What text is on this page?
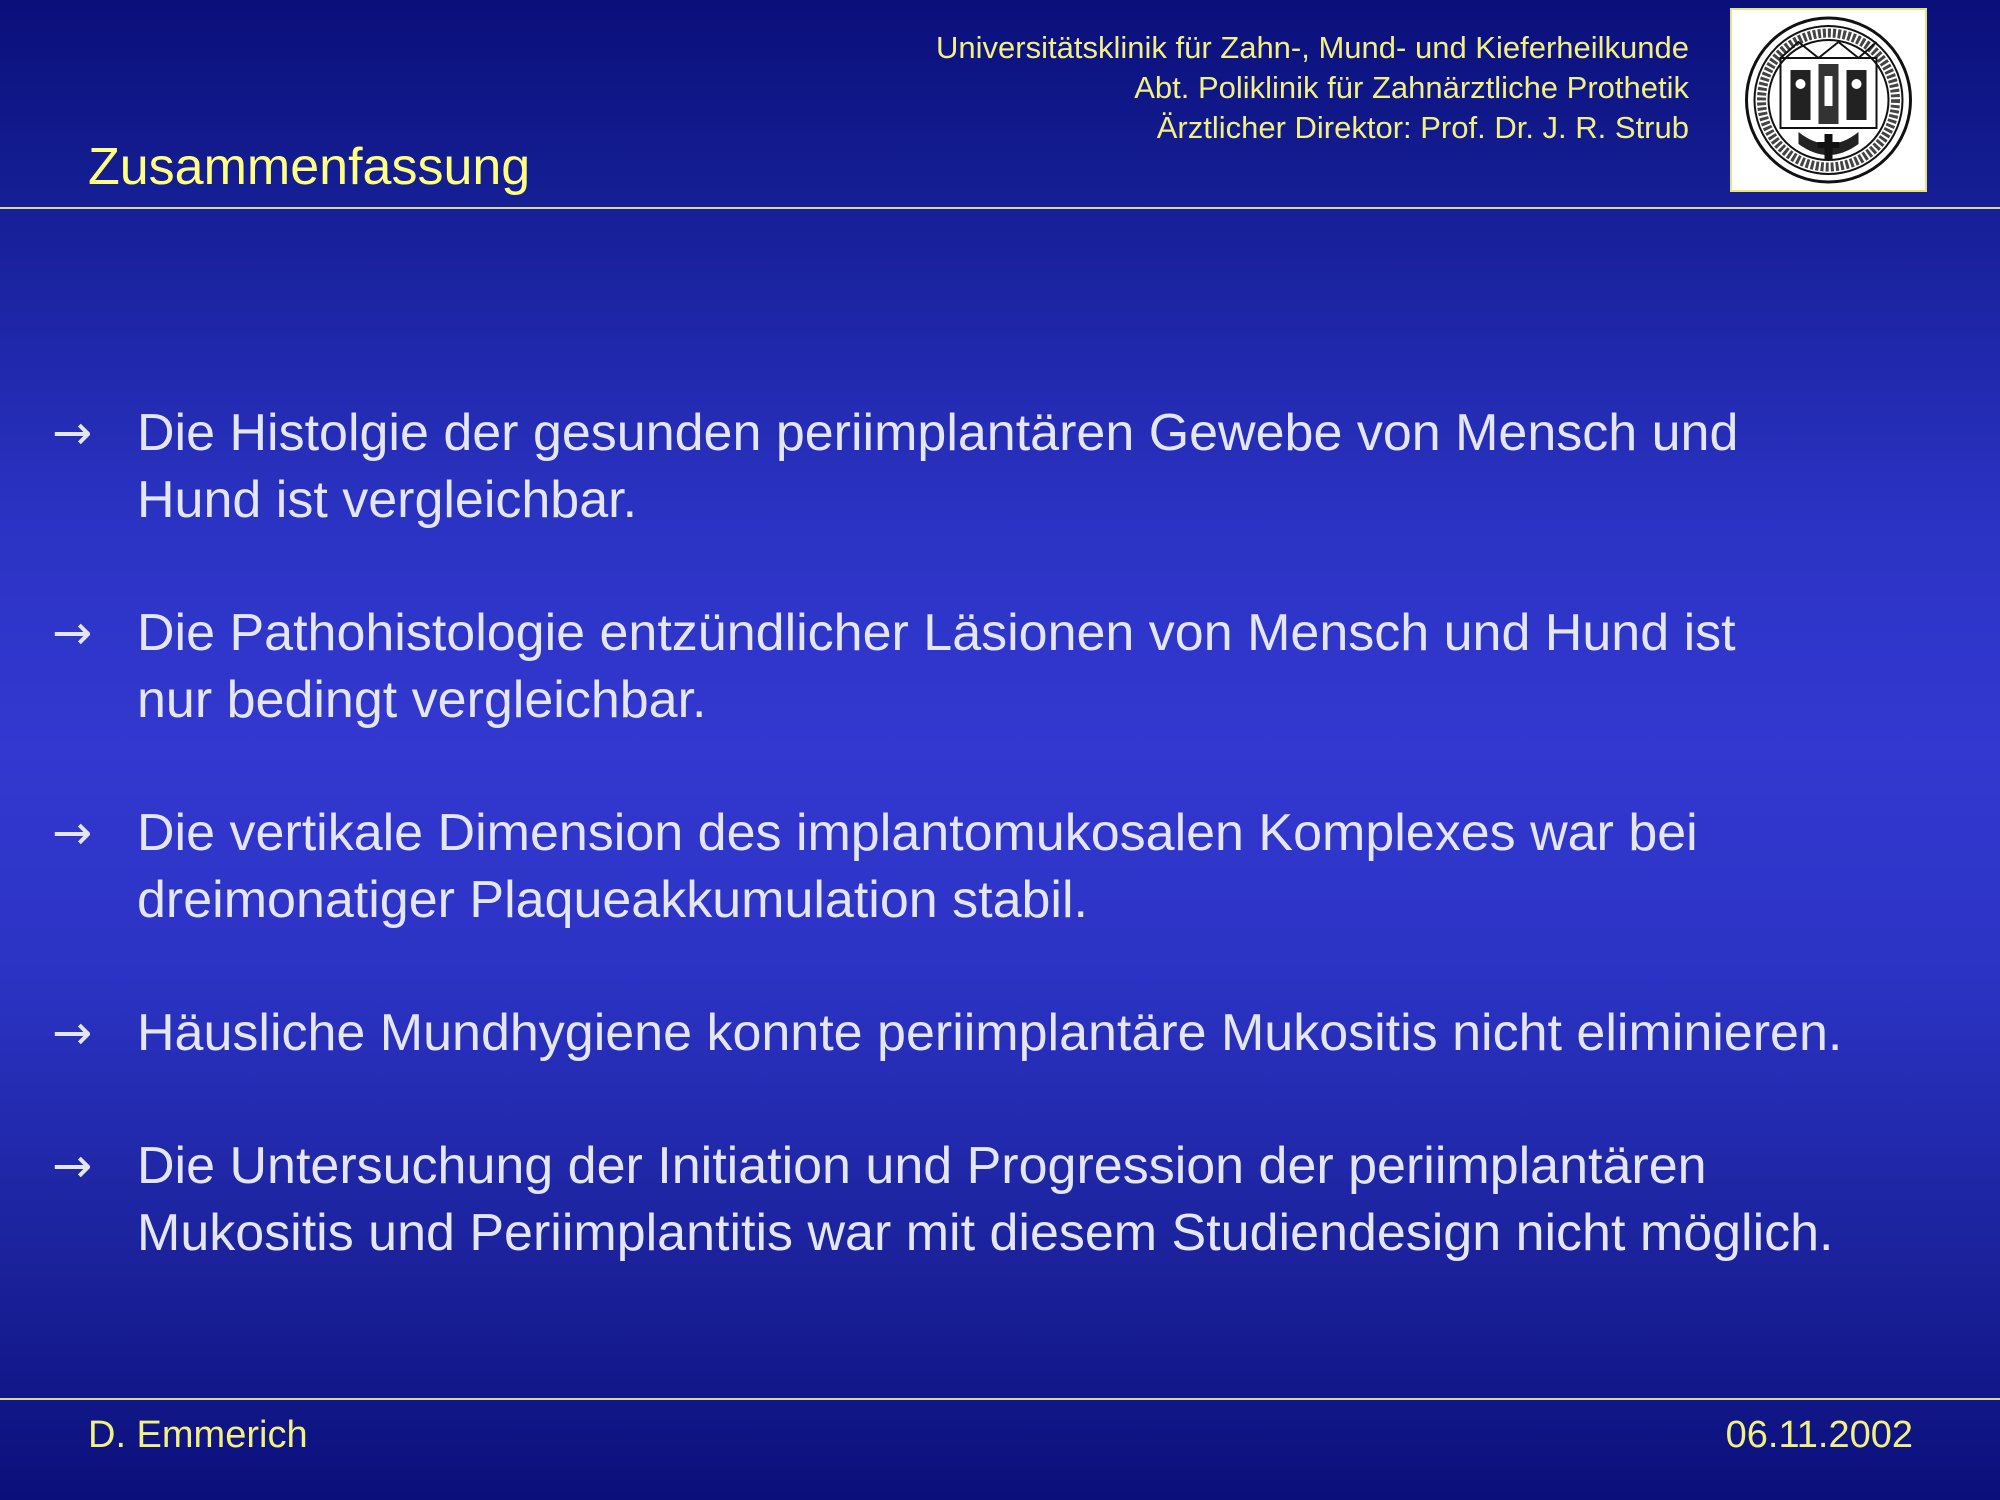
Universitätsklinik für Zahn-, Mund- und Kieferheilkunde
Abt. Poliklinik für Zahnärztliche Prothetik
Ärztlicher Direktor: Prof. Dr. J. R. Strub
Zusammenfassung
→ Die Histolgie der gesunden periimplantären Gewebe von Mensch und
Hund ist vergleichbar.
→ Die Pathohistologie entzündlicher Läsionen von Mensch und Hund ist
nur bedingt vergleichbar.
→ Die vertikale Dimension des implantomukosalen Komplexes war bei
dreimonatiger Plaqueakkumulation stabil.
→ Häusliche Mundhygiene konnte periimplantäre Mukositis nicht eliminieren.
→ Die Untersuchung der Initiation und Progression der periimplantären
Mukositis und Periimplantitis war mit diesem Studiendesign nicht möglich.
D. Emmerich	06.11.2002
